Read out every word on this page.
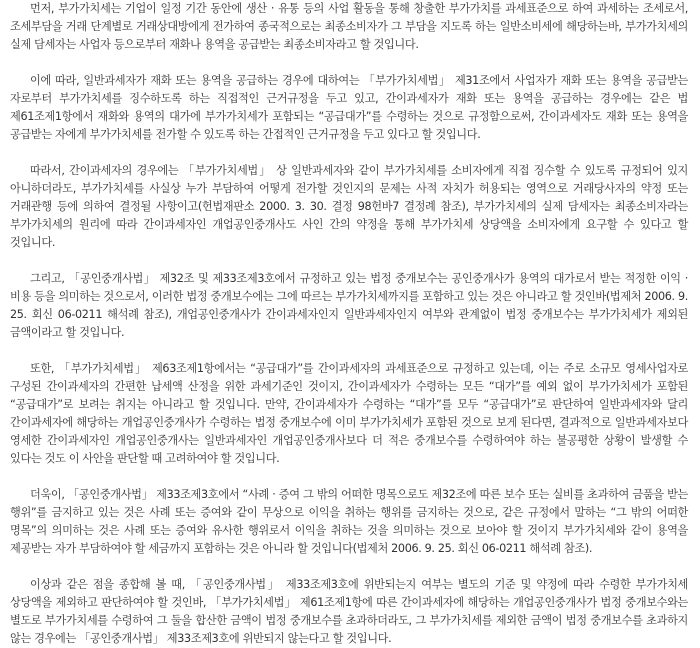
먼저, 부가가치세는 기업이 일정 기간 동안에 생산 · 유통 등의 사업 활동을 통해 창출한 부가가치를 과세표준으로 하여 과세하는 조세로서, 조세부담을 거래 단계별로 거래상대방에게 전가하여 종국적으로는 최종소비자가 그 부담을 지도록 하는 일반소비세에 해당하는바, 부가가치세의 실제 담세자는 사업자 등으로부터 재화나 용역을 공급받는 최종소비자라고 할 것입니다.

이에 따라, 일반과세자가 재화 또는 용역을 공급하는 경우에 대하여는 「부가가치세법」 제31조에서 사업자가 재화 또는 용역을 공급받는 자로부터 부가가치세를 징수하도록 하는 직접적인 근거규정을 두고 있고, 간이과세자가 재화 또는 용역을 공급하는 경우에는 같은 법 제61조제1항에서 재화와 용역의 대가에 부가가치세가 포함되는 “공급대가”를 수령하는 것으로 규정함으로써, 간이과세자도 재화 또는 용역을 공급받는 자에게 부가가치세를 전가할 수 있도록 하는 간접적인 근거규정을 두고 있다고 할 것입니다.

따라서, 간이과세자의 경우에는 「부가가치세법」 상 일반과세자와 같이 부가가치세를 소비자에게 직접 징수할 수 있도록 규정되어 있지 아니하더라도, 부가가치세를 사실상 누가 부담하여 어떻게 전가할 것인지의 문제는 사적 자치가 허용되는 영역으로 거래당사자의 약정 또는 거래관행 등에 의하여 결정될 사항이고(헌법재판소 2000. 3. 30. 결정 98헌바7 결정례 참조), 부가가치세의 실제 담세자는 최종소비자라는 부가가치세의 원리에 따라 간이과세자인 개업공인중개사도 사인 간의 약정을 통해 부가가치세 상당액을 소비자에게 요구할 수 있다고 할 것입니다.

그리고, 「공인중개사법」 제32조 및 제33조제3호에서 규정하고 있는 법정 중개보수는 공인중개사가 용역의 대가로서 받는 적정한 이익 · 비용 등을 의미하는 것으로서, 이러한 법정 중개보수에는 그에 따르는 부가가치세까지를 포함하고 있는 것은 아니라고 할 것인바(법제처 2006. 9. 25. 회신 06-0211 해석례 참조), 개업공인중개사가 간이과세자인지 일반과세자인지 여부와 관계없이 법정 중개보수는 부가가치세가 제외된 금액이라고 할 것입니다.

또한, 「부가가치세법」 제63조제1항에서는 “공급대가”를 간이과세자의 과세표준으로 규정하고 있는데, 이는 주로 소규모 영세사업자로 구성된 간이과세자의 간편한 납세액 산정을 위한 과세기준인 것이지, 간이과세자가 수령하는 모든 “대가”를 예외 없이 부가가치세가 포함된 “공급대가”로 보려는 취지는 아니라고 할 것입니다. 만약, 간이과세자가 수령하는 “대가”를 모두 “공급대가”로 판단하여 일반과세자와 달리 간이과세자에 해당하는 개업공인중개사가 수령하는 법정 중개보수에 이미 부가가치세가 포함된 것으로 보게 된다면, 결과적으로 일반과세자보다 영세한 간이과세자인 개업공인중개사는 일반과세자인 개업공인중개사보다 더 적은 중개보수를 수령하여야 하는 불공평한 상황이 발생할 수 있다는 것도 이 사안을 판단할 때 고려하여야 할 것입니다.

더욱이, 「공인중개사법」 제33조제3호에서 “사례 · 증여 그 밖의 어떠한 명목으로도 제32조에 따른 보수 또는 실비를 초과하여 금품을 받는 행위”를 금지하고 있는 것은 사례 또는 증여와 같이 무상으로 이익을 취하는 행위를 금지하는 것으로, 같은 규정에서 말하는 “그 밖의 어떠한 명목”의 의미하는 것은 사례 또는 증여와 유사한 행위로서 이익을 취하는 것을 의미하는 것으로 보아야 할 것이지 부가가치세와 같이 용역을 제공받는 자가 부담하여야 할 세금까지 포함하는 것은 아니라 할 것입니다(법제처 2006. 9. 25. 회신 06-0211 해석례 참조).

이상과 같은 점을 종합해 볼 때, 「공인중개사법」 제33조제3호에 위반되는지 여부는 별도의 기준 및 약정에 따라 수령한 부가가치세 상당액을 제외하고 판단하여야 할 것인바, 「부가가치세법」 제61조제1항에 따른 간이과세자에 해당하는 개업공인중개사가 법정 중개보수와는 별도로 부가가치세를 수령하여 그 둘을 합산한 금액이 법정 중개보수를 초과하더라도, 그 부가가치세를 제외한 금액이 법정 중개보수를 초과하지 않는 경우에는 「공인중개사법」 제33조제3호에 위반되지 않는다고 할 것입니다.
